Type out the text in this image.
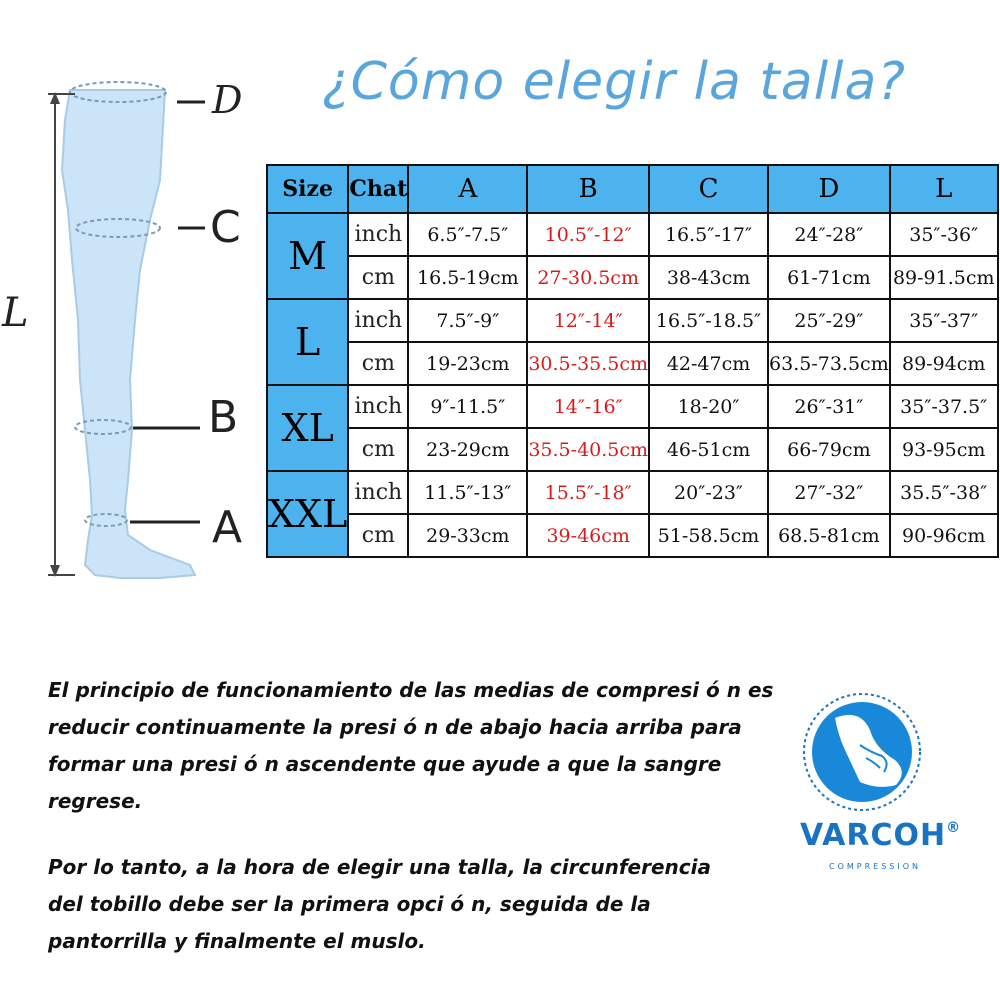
¿Cómo elegir la talla?
D
C
B
A
L
Size	Chat	A	B	C	D	L
M	inch	6.5″-7.5″	10.5″-12″	16.5″-17″	24″-28″	35″-36″
	cm	16.5-19cm	27-30.5cm	38-43cm	61-71cm	89-91.5cm
L	inch	7.5″-9″	12″-14″	16.5″-18.5″	25″-29″	35″-37″
	cm	19-23cm	30.5-35.5cm	42-47cm	63.5-73.5cm	89-94cm
XL	inch	9″-11.5″	14″-16″	18-20″	26″-31″	35″-37.5″
	cm	23-29cm	35.5-40.5cm	46-51cm	66-79cm	93-95cm
XXL	inch	11.5″-13″	15.5″-18″	20″-23″	27″-32″	35.5″-38″
	cm	29-33cm	39-46cm	51-58.5cm	68.5-81cm	90-96cm
El principio de funcionamiento de las medias de compresi ó n es
reducir continuamente la presi ó n de abajo hacia arriba para
formar una presi ó n ascendente que ayude a que la sangre
regrese.
Por lo tanto, a la hora de elegir una talla, la circunferencia
del tobillo debe ser la primera opci ó n, seguida de la
pantorrilla y finalmente el muslo.
VARCOH®
COMPRESSION
